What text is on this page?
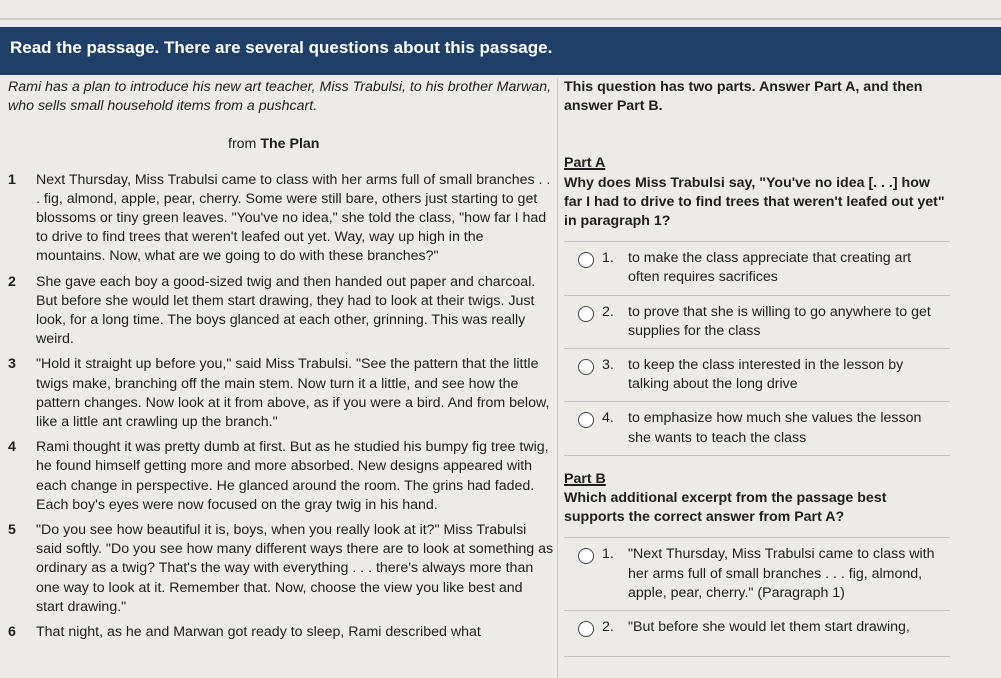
Read the passage. There are several questions about this passage.

Rami has a plan to introduce his new art teacher, Miss Trabulsi, to his brother Marwan, who sells small household items from a pushcart.

from The Plan

1 Next Thursday, Miss Trabulsi came to class with her arms full of small branches . . . fig, almond, apple, pear, cherry. Some were still bare, others just starting to get blossoms or tiny green leaves. "You've no idea," she told the class, "how far I had to drive to find trees that weren't leafed out yet. Way, way up high in the mountains. Now, what are we going to do with these branches?"
2 She gave each boy a good-sized twig and then handed out paper and charcoal. But before she would let them start drawing, they had to look at their twigs. Just look, for a long time. The boys glanced at each other, grinning. This was really weird.
3 "Hold it straight up before you," said Miss Trabulsi. "See the pattern that the little twigs make, branching off the main stem. Now turn it a little, and see how the pattern changes. Now look at it from above, as if you were a bird. And from below, like a little ant crawling up the branch."
4 Rami thought it was pretty dumb at first. But as he studied his bumpy fig tree twig, he found himself getting more and more absorbed. New designs appeared with each change in perspective. He glanced around the room. The grins had faded. Each boy's eyes were now focused on the gray twig in his hand.
5 "Do you see how beautiful it is, boys, when you really look at it?" Miss Trabulsi said softly. "Do you see how many different ways there are to look at something as ordinary as a twig? That's the way with everything . . . there's always more than one way to look at it. Remember that. Now, choose the view you like best and start drawing."
6 That night, as he and Marwan got ready to sleep, Rami described what

This question has two parts. Answer Part A, and then answer Part B.

Part A

Why does Miss Trabulsi say, "You've no idea [. . .] how far I had to drive to find trees that weren't leafed out yet" in paragraph 1?

1. to make the class appreciate that creating art often requires sacrifices
2. to prove that she is willing to go anywhere to get supplies for the class
3. to keep the class interested in the lesson by talking about the long drive
4. to emphasize how much she values the lesson she wants to teach the class
Part B

Which additional excerpt from the passage best supports the correct answer from Part A?

1. "Next Thursday, Miss Trabulsi came to class with her arms full of small branches . . . fig, almond, apple, pear, cherry." (Paragraph 1)
2. "But before she would let them start drawing,
